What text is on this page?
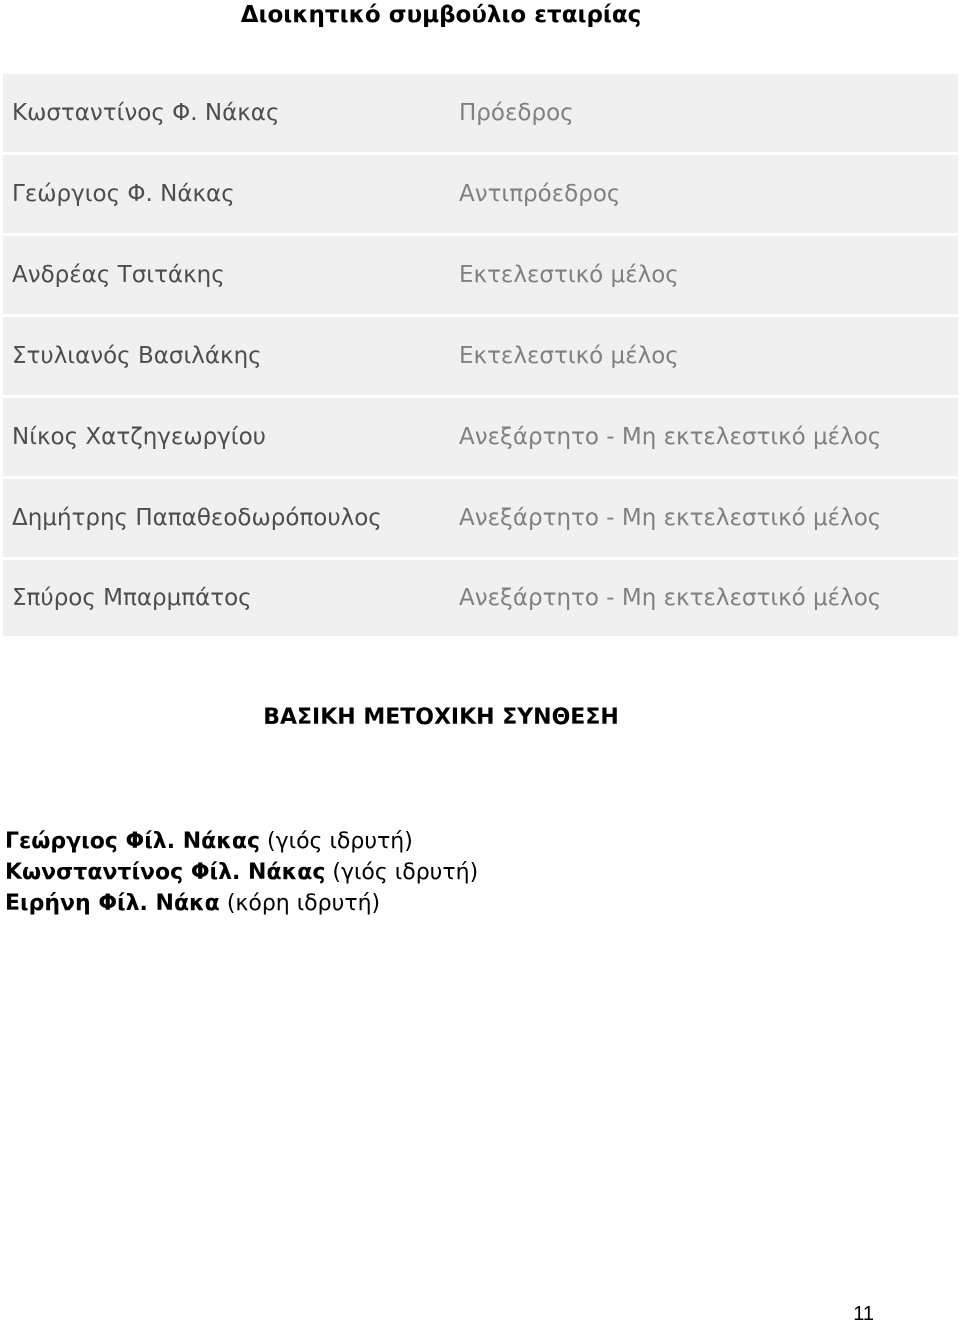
Διοικητικό συμβούλιο εταιρίας
Κωσταντίνος Φ. Νάκας	Πρόεδρος
Γεώργιος Φ. Νάκας	Αντιπρόεδρος
Ανδρέας Τσιτάκης	Εκτελεστικό μέλος
Στυλιανός Βασιλάκης	Εκτελεστικό μέλος
Νίκος Χατζηγεωργίου	Ανεξάρτητο - Μη εκτελεστικό μέλος
Δημήτρης Παπαθεοδωρόπουλος	Ανεξάρτητο - Μη εκτελεστικό μέλος
Σπύρος Μπαρμπάτος	Ανεξάρτητο - Μη εκτελεστικό μέλος
ΒΑΣΙΚΗ ΜΕΤΟΧΙΚΗ ΣΥΝΘΕΣΗ
Γεώργιος Φίλ. Νάκας (γιός ιδρυτή)
Κωνσταντίνος Φίλ. Νάκας (γιός ιδρυτή)
Ειρήνη Φίλ. Νάκα (κόρη ιδρυτή)
11
